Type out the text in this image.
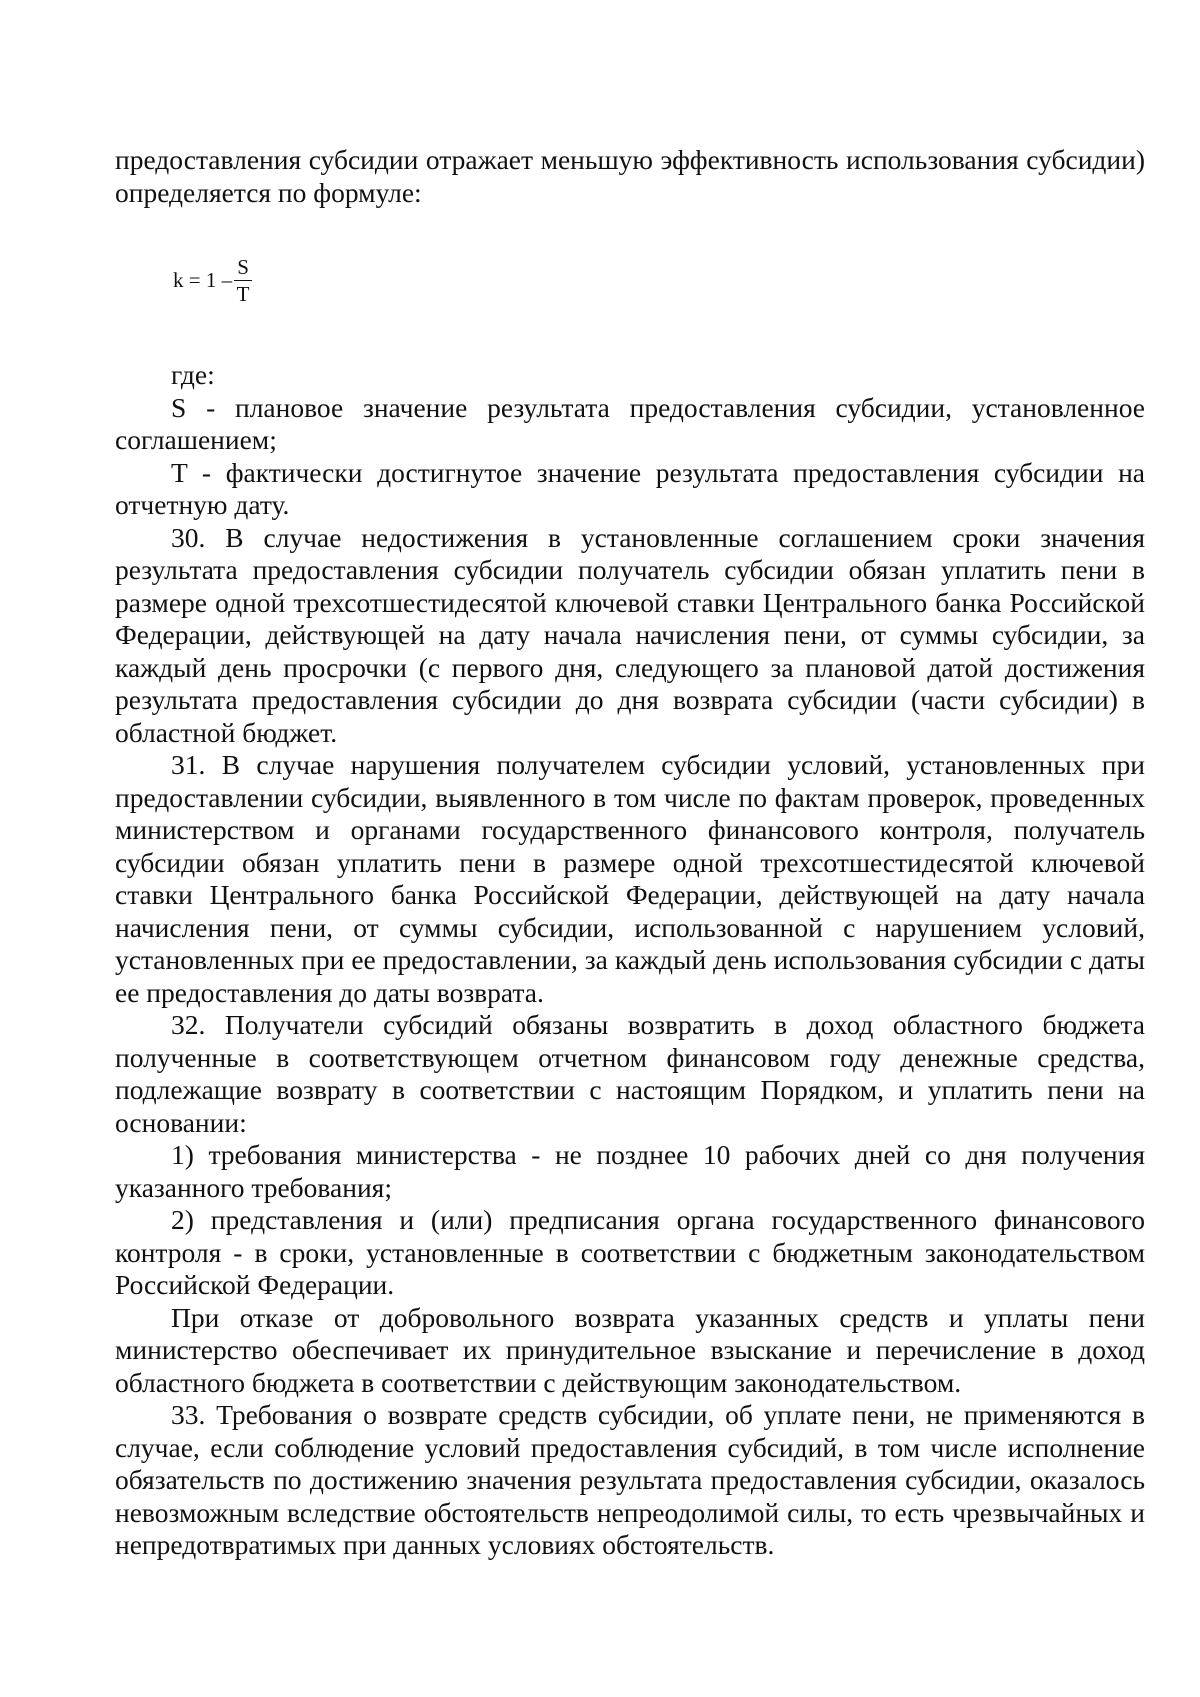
предоставления субсидии отражает меньшую эффективность использования субсидии) определяется по формуле:

$k = 1 - \frac{S}{T}$

где:

S - плановое значение результата предоставления субсидии, установленное соглашением;

T - фактически достигнутое значение результата предоставления субсидии на отчетную дату.

30. В случае недостижения в установленные соглашением сроки значения результата предоставления субсидии получатель субсидии обязан уплатить пени в размере одной трехсотшестидесятой ключевой ставки Центрального банка Российской Федерации, действующей на дату начала начисления пени, от суммы субсидии, за каждый день просрочки (с первого дня, следующего за плановой датой достижения результата предоставления субсидии до дня возврата субсидии (части субсидии) в областной бюджет.

31. В случае нарушения получателем субсидии условий, установленных при предоставлении субсидии, выявленного в том числе по фактам проверок, проведенных министерством и органами государственного финансового контроля, получатель субсидии обязан уплатить пени в размере одной трехсотшестидесятой ключевой ставки Центрального банка Российской Федерации, действующей на дату начала начисления пени, от суммы субсидии, использованной с нарушением условий, установленных при ее предоставлении, за каждый день использования субсидии с даты ее предоставления до даты возврата.

32. Получатели субсидий обязаны возвратить в доход областного бюджета полученные в соответствующем отчетном финансовом году денежные средства, подлежащие возврату в соответствии с настоящим Порядком, и уплатить пени на основании:

1) требования министерства - не позднее 10 рабочих дней со дня получения указанного требования;

2) представления и (или) предписания органа государственного финансового контроля - в сроки, установленные в соответствии с бюджетным законодательством Российской Федерации.

При отказе от добровольного возврата указанных средств и уплаты пени министерство обеспечивает их принудительное взыскание и перечисление в доход областного бюджета в соответствии с действующим законодательством.

33. Требования о возврате средств субсидии, об уплате пени, не применяются в случае, если соблюдение условий предоставления субсидий, в том числе исполнение обязательств по достижению значения результата предоставления субсидии, оказалось невозможным вследствие обстоятельств непреодолимой силы, то есть чрезвычайных и непредотвратимых при данных условиях обстоятельств.
